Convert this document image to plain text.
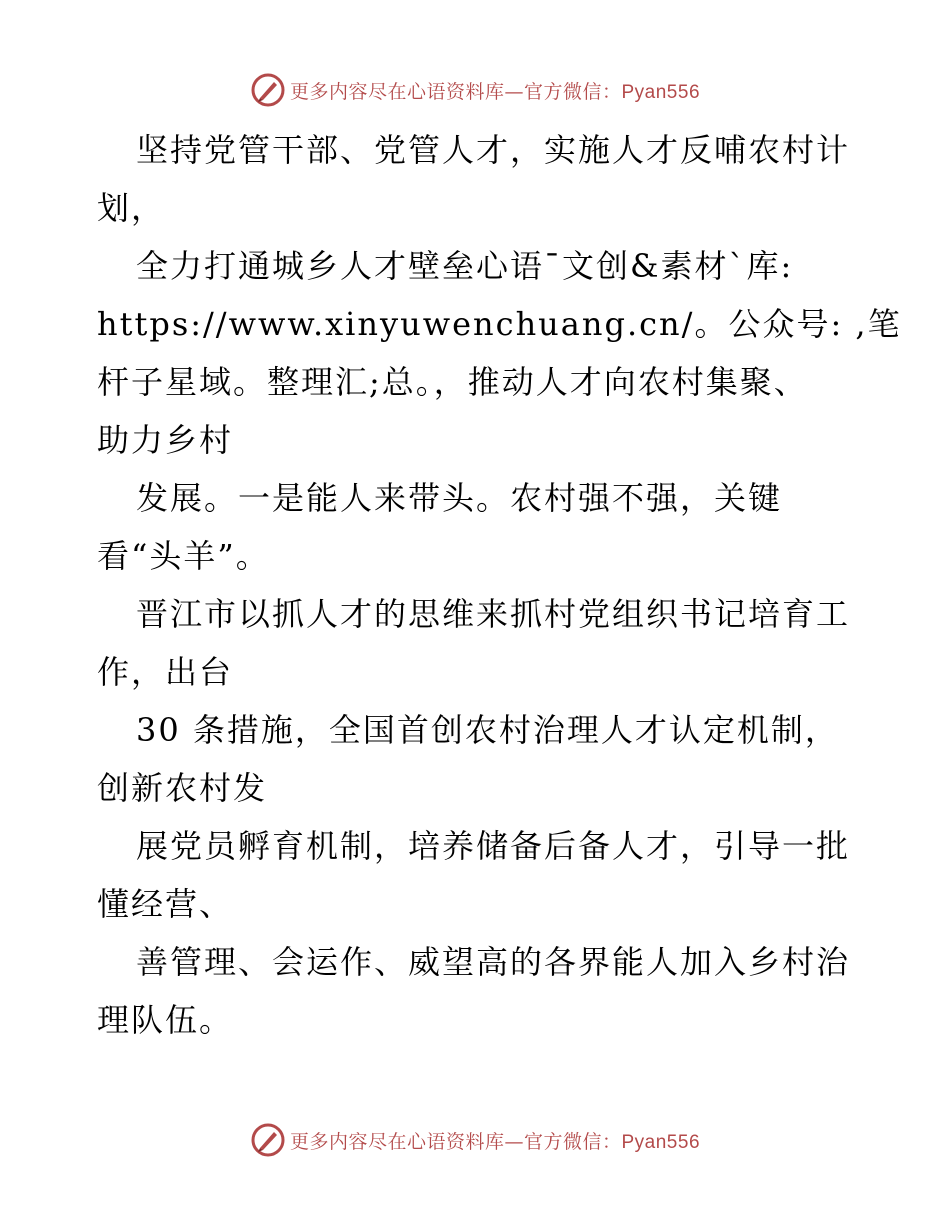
更多内容尽在心语资料库—官方微信：Pyan556
坚持党管干部、党管人才，实施人才反哺农村计
划，
全力打通城乡人才壁垒心语¯文创&素材`库:
https://www.xinyuwenchuang.cn/。公众号: ,笔
杆子星域。整理汇;总。，推动人才向农村集聚、
助力乡村
发展。一是能人来带头。农村强不强，关键
看“头羊”。
晋江市以抓人才的思维来抓村党组织书记培育工
作，出台
30 条措施，全国首创农村治理人才认定机制，
创新农村发
展党员孵育机制，培养储备后备人才，引导一批
懂经营、
善管理、会运作、威望高的各界能人加入乡村治
理队伍。
更多内容尽在心语资料库—官方微信：Pyan556
